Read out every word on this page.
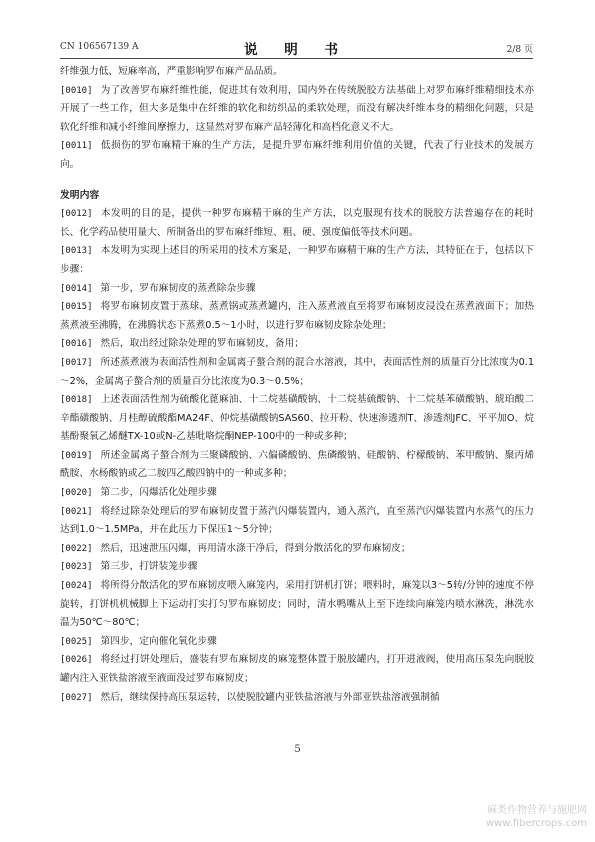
CN 106567139 A	说 明 书	2/8 页

纤维强力低、短麻率高，严重影响罗布麻产品品质。

[0010] 为了改善罗布麻纤维性能，促进其有效利用，国内外在传统脱胶方法基础上对罗布麻纤维精细技术亦开展了一些工作，但大多是集中在纤维的软化和纺织品的柔软处理，而没有解决纤维本身的精细化问题，只是软化纤维和减小纤维间摩擦力，这显然对罗布麻产品轻薄化和高档化意义不大。

[0011] 低损伤的罗布麻精干麻的生产方法，是提升罗布麻纤维利用价值的关键，代表了行业技术的发展方向。

发明内容

[0012] 本发明的目的是，提供一种罗布麻精干麻的生产方法，以克服现有技术的脱胶方法普遍存在的耗时长、化学药品使用量大、所制备出的罗布麻纤维短、粗、硬、强度偏低等技术问题。

[0013] 本发明为实现上述目的所采用的技术方案是，一种罗布麻精干麻的生产方法，其特征在于，包括以下步骤：

[0014] 第一步，罗布麻韧皮的蒸煮除杂步骤

[0015] 将罗布麻韧皮置于蒸球、蒸煮锅或蒸煮罐内，注入蒸煮液直至将罗布麻韧皮浸没在蒸煮液面下；加热蒸煮液至沸腾，在沸腾状态下蒸煮0.5～1小时，以进行罗布麻韧皮除杂处理；

[0016] 然后，取出经过除杂处理的罗布麻韧皮，备用；

[0017] 所述蒸煮液为表面活性剂和金属离子螯合剂的混合水溶液，其中，表面活性剂的质量百分比浓度为0.1～2%，金属离子螯合剂的质量百分比浓度为0.3～0.5%；

[0018] 上述表面活性剂为硫酸化蓖麻油、十二烷基磺酸钠、十二烷基硫酸钠、十二烷基苯磺酸钠、琥珀酸二辛酯磺酸钠、月桂醇硫酸酯MA24F、仲烷基磺酸钠SAS60、拉开粉、快速渗透剂T、渗透剂JFC、平平加O、烷基酚聚氧乙烯醚TX-10或N-乙基吡咯烷酮NEP-100中的一种或多种；

[0019] 所述金属离子螯合剂为三聚磷酸钠、六偏磷酸钠、焦磷酸钠、硅酸钠、柠檬酸钠、苯甲酸钠、聚丙烯酰胺、水杨酸钠或乙二胺四乙酸四钠中的一种或多种；

[0020] 第二步，闪爆活化处理步骤

[0021] 将经过除杂处理后的罗布麻韧皮置于蒸汽闪爆装置内，通入蒸汽，直至蒸汽闪爆装置内水蒸气的压力达到1.0～1.5MPa，并在此压力下保压1～5分钟；

[0022] 然后，迅速泄压闪爆，再用清水涤干净后，得到分散活化的罗布麻韧皮；

[0023] 第三步，打饼装笼步骤

[0024] 将所得分散活化的罗布麻韧皮喂入麻笼内，采用打饼机打饼；喂料时，麻笼以3～5转/分钟的速度不停旋转，打饼机机械脚上下运动打实打匀罗布麻韧皮；同时，清水鸭嘴从上至下连续向麻笼内喷水淋洗，淋洗水温为50℃～80℃；

[0025] 第四步，定向催化氧化步骤

[0026] 将经过打饼处理后，盛装有罗布麻韧皮的麻笼整体置于脱胶罐内，打开进液阀，使用高压泵先向脱胶罐内注入亚铁盐溶液至液面没过罗布麻韧皮；

[0027] 然后，继续保持高压泵运转，以使脱胶罐内亚铁盐溶液与外部亚铁盐溶液强制循

5
麻类作物营养与施肥网
www.fibercrops.com
